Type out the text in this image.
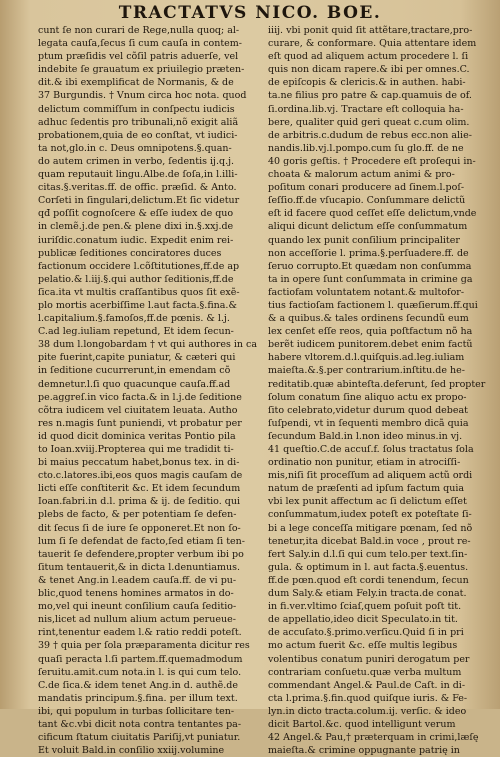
TRACTATVS NICO. BOE.
cunt ſe non curari de Rege,nulla quoq; al-
legata cauſa,ſecus ſi cum cauſa in contem-
ptum præſidis vel cõſil patris aduerſe, vel
indebite ſe grauatum ex priuilegio præten-
dit.& ibi exemplificat de Normanis, & de
37 Burgundis. † Vnum circa hoc nota. quod
delictum commiſſum in conſpectu iudicis
adhuc ſedentis pro tribunali,nõ exigit aliã
probationem,quia de eo conſtat, vt iudici-
ta not,glo.in c. Deus omnipotens.§.quan-
do autem crimen in verbo, ſedentis ij.q.j.
quam reputauit lingu.Albe.de ſoſa,in l.illi-
citas.§.veritas.ff. de offic. præſid. & Anto.
Corſeti in ſingulari,delictum.Et ſic videtur
qđ poſſit cognoſcere & eſſe iudex de quo
in clemẽ.j.de pen.& plene dixi in.§.xxj.de
iuriſdic.conatum iudic. Expedit enim rei-
publicæ ſeditiones conciratores duces
factionum occidere l.cõſtitutiones,ff.de ap
pelatio.& l.iij.§.qui author ſeditionis,ff.de
ſica.ita vt multis craſſantibus quos ſit exẽ-
plo mortis acerbiſſime l.aut facta.§.fina.&
l.capitalium.§.famoſos,ff.de pœnis. & l.j.
C.ad leg.iuliam repetund, Et idem ſecun-
38 dum l.longobardam † vt qui authores in ca
pite fuerint,capite puniatur, & cæteri qui
in ſeditione cucurrerunt,in emendam cõ
demnetur.l.ſi quo quacunque cauſa.ff.ad
pe.aggreſ.in vico facta.& in l.j.de ſeditione
cõtra iudicem vel ciuitatem leuata. Autho
res n.magis ſunt puniendi, vt probatur per
id quod dicit dominica veritas Pontio pila
to Ioan.xviij.Propterea qui me tradidit ti-
bi maius peccatum habet,bonus tex. in di-
cto.c.latores.ibi,eos quos magis cauſam de
licti eſſe conſtiterit &c. Et idem ſecundum
Ioan.fabri.in d.l. prima & ij. de ſeditio. qui
plebs de facto, & per potentiam ſe defen-
dit ſecus ſi de iure ſe opponeret.Et non ſo-
lum ſi ſe defendat de facto,ſed etiam ſi ten-
tauerit ſe defendere,propter verbum ibi po
ſitum tentauerit,& in dicta l.denuntiamus.
& tenet Ang.in l.eadem cauſa.ff. de vi pu-
blic,quod tenens homines armatos in do-
mo,vel qui ineunt conſilium cauſa ſeditio-
nis,licet ad nullum alium actum perueue-
rint,tenentur eadem l.& ratio reddi poteſt.
39 † quia per ſola præparamenta dicitur res
quaſi peracta l.ſi partem.ff.quemadmodum
ſeruitu.amit.cum nota.in l. is qui cum telo.
C.de ſica.& idem tenet Ang.in d. authẽ.de
mandatis principum.§.fina. per illum text.
ibi, qui populum in turbas ſollicitare ten-
tant &c.vbi dicit nota contra tentantes pa-
cificum ſtatum ciuitatis Pariſij,vt puniatur.
Et voluit Bald.in conſilio xxiij.volumine
iiij. vbi ponit quid ſit attẽtare,tractare,pro-
curare, & conformare. Quia attentare idem
eſt quod ad aliquem actum procedere l. ſi
quis non dicam rapere.& ibi per omnes.C.
de epiſcopis & clericis.& in authen. habi-
ta.ne filius pro patre & cap.quamuis de of.
ſi.ordina.lib.vj. Tractare eſt colloquia ha-
bere, qualiter quid geri queat c.cum olim.
de arbitris.c.dudum de rebus ecc.non alie-
nandis.lib.vj.l.pompo.cum ſu glo.ff. de ne
40 goris geſtis. † Procedere eſt proſequi in-
choata & malorum actum animi & pro-
poſitum conari producere ad ſinem.l.poſ-
ſeſſio.ff.de vſucapio. Conſummare delictũ
eſt id facere quod ceſſet eſſe delictum,vnde
aliqui dicunt delictum eſſe conſummatum
quando lex punit conſilium principaliter
non acceſſorie l. prima.§.perſuadere.ff. de
ſeruo corrupto.Et quædam non conſumma
ta in opere ſunt conſummata in crimine ga
factiofam voluntatem notant.& multofor-
tius factioſam factionem l. quæſierum.ff.qui
& a quibus.& tales ordinens ſecundũ eum
lex cenſet eſſe reos, quia poſtfactum nõ ha
berẽt iudicem punitorem.debet enim factũ
habere vltorem.d.l.quiſquis.ad.leg.iuliam
maieſta.&.§.per contrarium.inſtitu.de he-
reditatib.quæ abinteſta.deferunt, ſed propter
ſolum conatum ſine aliquo actu ex propo-
ſito celebrato,videtur durum quod debeat
ſuſpendi, vt in ſequenti membro dicã quia
ſecundum Bald.in l.non ideo minus.in vj.
41 queſtio.C.de accuſ.f. ſolus tractatus ſola
ordinatio non punitur, etiam in atrociſſi-
mis,niſi ſit proceſſum ad aliquem actũ ordi
natum de præſenti ad ipſum factum quia
vbi lex punit affectum ac ſi delictum eſſet
conſummatum,iudex poteſt ex poteſtate ſi-
bi a lege conceſſa mitigare pœnam, ſed nõ
tenetur,ita dicebat Bald.in voce , prout re-
fert Saly.in d.l.ſi qui cum telo.per text.ſin-
gula. & optimum in l. aut facta.§.euentus.
ff.de pœn.quod eſt cordi tenendum, ſecun
dum Saly.& etiam Fely.in tracta.de conat.
in fi.ver.vltimo ſciaſ,quem poſuit poſt tit.
de appellatio,ideo dicit Speculato.in tit.
de accuſato.§.primo.verſicu.Quid ſi in pri
mo actum fuerit &c. eſſe multis legibus
volentibus conatum puniri derogatum per
contrariam conſuetu.quæ verba multum
commendant Angel.& Paul.de Caſt. in di-
cta l.prima.§.fin.quod quiſque iuris. & Fe-
lyn.in dicto tracta.colum.ij. verſic. & ideo
dicit Bartol.&c. quod intelligunt verum
42 Angel.& Pau,† præterquam in crimi,læſę
maieſta.& crimine oppugnante patrię in
